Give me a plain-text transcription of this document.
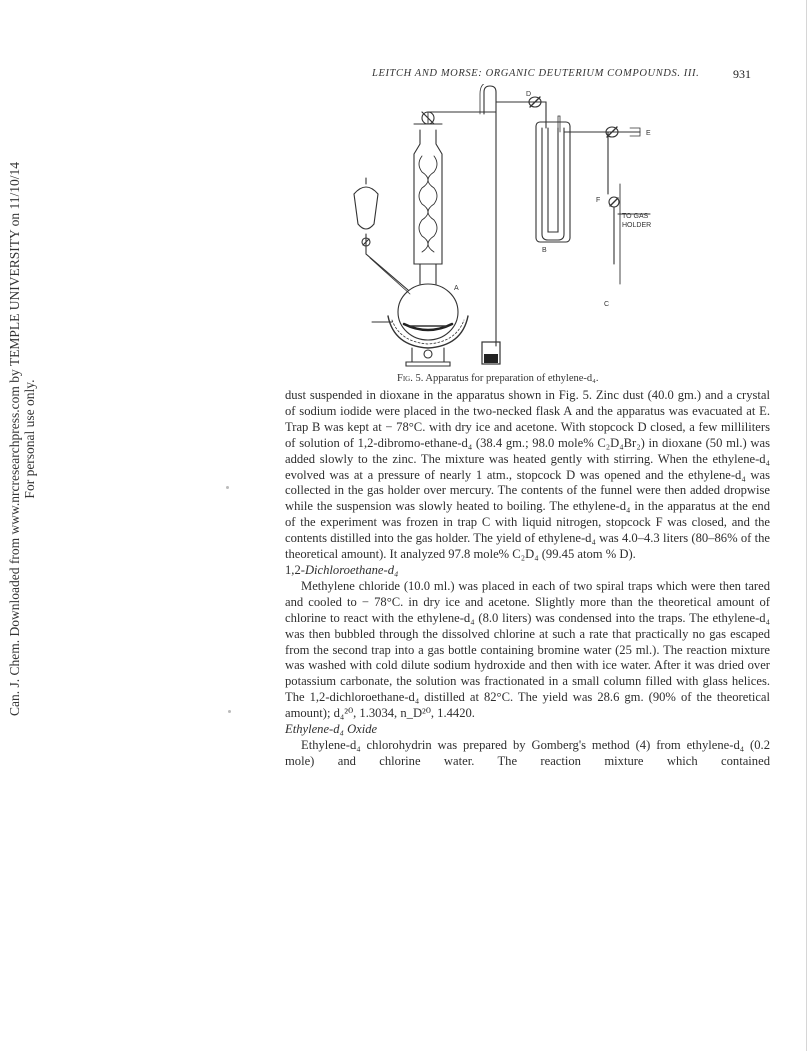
LEITCH AND MORSE: ORGANIC DEUTERIUM COMPOUNDS. III.	931
Can. J. Chem. Downloaded from www.nrcresearchpress.com by TEMPLE UNIVERSITY on 11/10/14 For personal use only.
D
E
F
TO GAS
HOLDER
B
C
A
Fig. 5. Apparatus for preparation of ethylene-d₄.

dust suspended in dioxane in the apparatus shown in Fig. 5. Zinc dust (40.0 gm.) and a crystal of sodium iodide were placed in the two-necked flask A and the apparatus was evacuated at E. Trap B was kept at − 78°C. with dry ice and acetone. With stopcock D closed, a few milliliters of solution of 1,2-dibromo-ethane-d₄ (38.4 gm.; 98.0 mole% C₂D₄Br₂) in dioxane (50 ml.) was added slowly to the zinc. The mixture was heated gently with stirring. When the ethylene-d₄ evolved was at a pressure of nearly 1 atm., stopcock D was opened and the ethylene-d₄ was collected in the gas holder over mercury. The contents of the funnel were then added dropwise while the suspension was slowly heated to boiling. The ethylene-d₄ in the apparatus at the end of the experiment was frozen in trap C with liquid nitrogen, stopcock F was closed, and the contents distilled into the gas holder. The yield of ethylene-d₄ was 4.0–4.3 liters (80–86% of the theoretical amount). It analyzed 97.8 mole% C₂D₄ (99.45 atom % D).

1,2-Dichloroethane-d₄

Methylene chloride (10.0 ml.) was placed in each of two spiral traps which were then tared and cooled to − 78°C. in dry ice and acetone. Slightly more than the theoretical amount of chlorine to react with the ethylene-d₄ (8.0 liters) was condensed into the traps. The ethylene-d₄ was then bubbled through the dissolved chlorine at such a rate that practically no gas escaped from the second trap into a gas bottle containing bromine water (25 ml.). The reaction mixture was washed with cold dilute sodium hydroxide and then with ice water. After it was dried over potassium carbonate, the solution was fractionated in a small column filled with glass helices. The 1,2-dichloroethane-d₄ distilled at 82°C. The yield was 28.6 gm. (90% of the theoretical amount); d₄²⁰, 1.3034, n_D²⁰, 1.4420.

Ethylene-d₄ Oxide

Ethylene-d₄ chlorohydrin was prepared by Gomberg's method (4) from ethylene-d₄ (0.2 mole) and chlorine water. The reaction mixture which contained
